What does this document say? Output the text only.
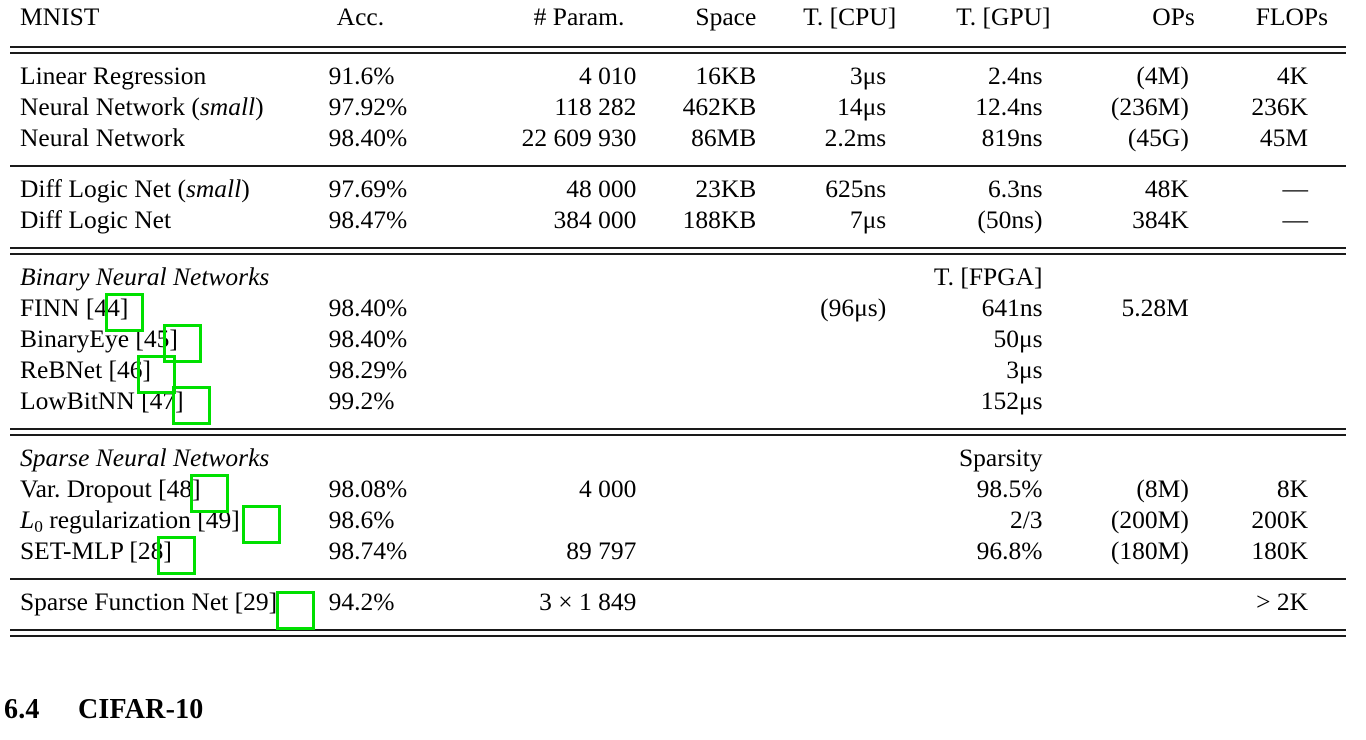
MNIST	Acc.	# Param.	Space	T. [CPU]	T. [GPU]	OPs	FLOPs

Linear Regression	91.6%	4 010	16KB	3μs	2.4ns	(4M)	4K
Neural Network (small)	97.92%	118 282	462KB	14μs	12.4ns	(236M)	236K
Neural Network	98.40%	22 609 930	86MB	2.2ms	819ns	(45G)	45M

Diff Logic Net (small)	97.69%	48 000	23KB	625ns	6.3ns	48K	—
Diff Logic Net	98.47%	384 000	188KB	7μs	(50ns)	384K	—

Binary Neural Networks					T. [FPGA]		
FINN [44]	98.40%			(96μs)	641ns	5.28M	
BinaryEye [45]	98.40%				50μs		
ReBNet [46]	98.29%				3μs		
LowBitNN [47]	99.2%				152μs		

Sparse Neural Networks					Sparsity		
Var. Dropout [48]	98.08%	4 000			98.5%	(8M)	8K
L0 regularization [49]	98.6%				2/3	(200M)	200K
SET-MLP [28]	98.74%	89 797			96.8%	(180M)	180K

Sparse Function Net [29]	94.2%	3 × 1 849					> 2K

6.4 CIFAR-10
